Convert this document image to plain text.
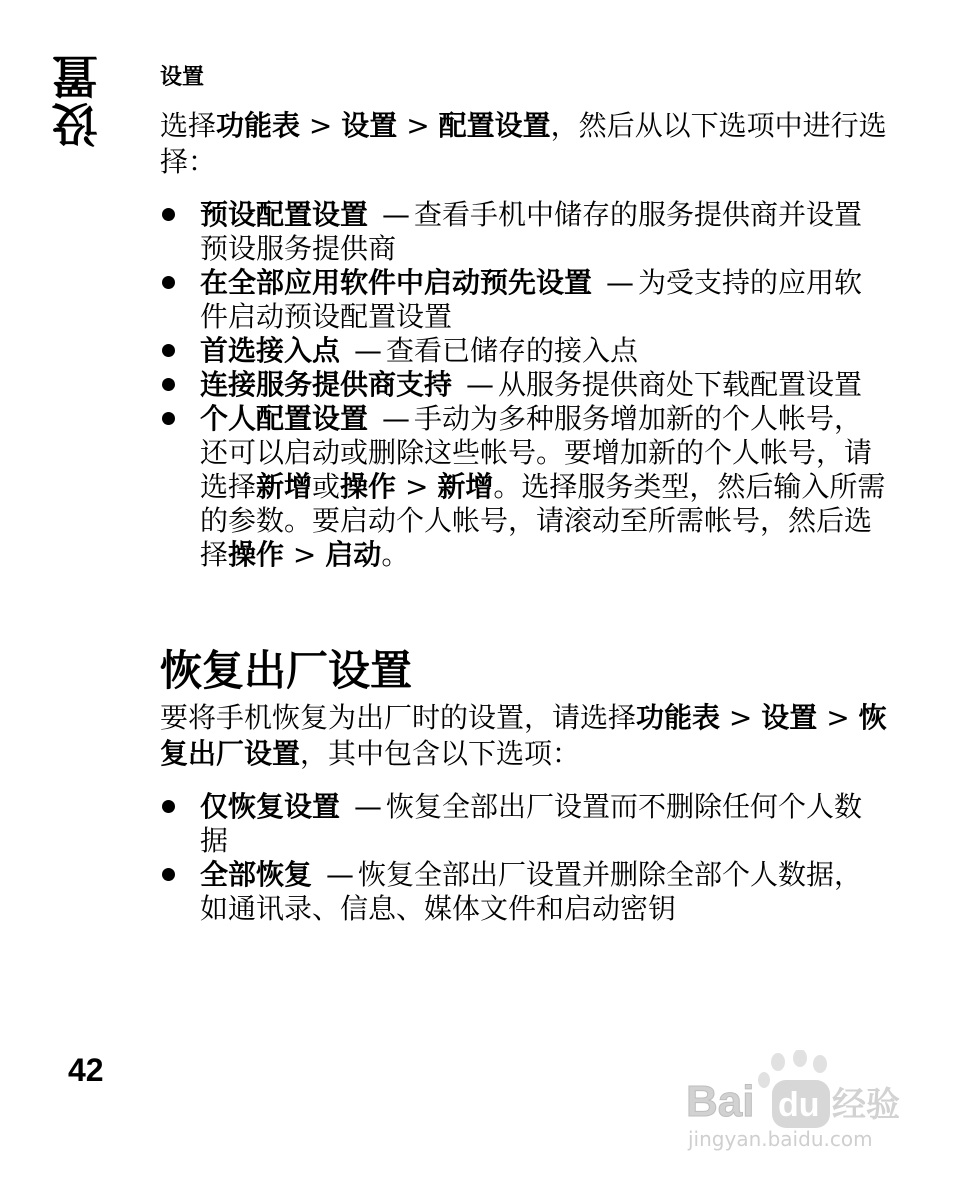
设置	设置

选择功能表 > 设置 > 配置设置，然后从以下选项中进行选择：

预设配置设置 — 查看手机中储存的服务提供商并设置预设服务提供商
在全部应用软件中启动预先设置 — 为受支持的应用软件启动预设配置设置
首选接入点 — 查看已储存的接入点
连接服务提供商支持 — 从服务提供商处下载配置设置
个人配置设置 — 手动为多种服务增加新的个人帐号，还可以启动或删除这些帐号。要增加新的个人帐号，请选择新增或操作 > 新增。选择服务类型，然后输入所需的参数。要启动个人帐号，请滚动至所需帐号，然后选择操作 > 启动。
恢复出厂设置

要将手机恢复为出厂时的设置，请选择功能表 > 设置 > 恢复出厂设置，其中包含以下选项：

仅恢复设置 — 恢复全部出厂设置而不删除任何个人数据
全部恢复 — 恢复全部出厂设置并删除全部个人数据，如通讯录、信息、媒体文件和启动密钥
42
Bai du 经验
jingyan.baidu.com
